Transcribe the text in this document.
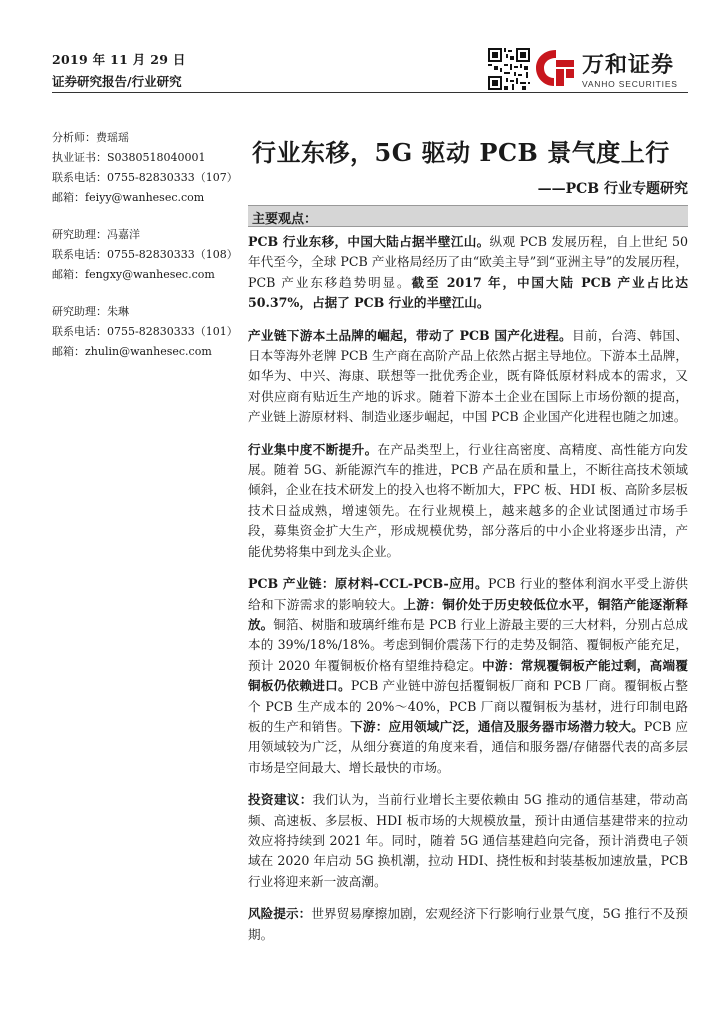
2019 年 11 月 29 日
证券研究报告/行业研究
万和证券
VANHO SECURITIES
分析师：费瑶瑶
执业证书：S0380518040001
联系电话：0755-82830333（107）
邮箱：feiyy@wanhesec.com
研究助理：冯嘉洋
联系电话：0755-82830333（108）
邮箱：fengxy@wanhesec.com
研究助理：朱琳
联系电话：0755-82830333（101）
邮箱：zhulin@wanhesec.com
行业东移，5G 驱动 PCB 景气度上行
——PCB 行业专题研究
主要观点：

PCB 行业东移，中国大陆占据半壁江山。纵观 PCB 发展历程，自上世纪 50 年代至今，全球 PCB 产业格局经历了由“欧美主导”到“亚洲主导”的发展历程，PCB 产业东移趋势明显。截至 2017 年，中国大陆 PCB 产业占比达 50.37%，占据了 PCB 行业的半壁江山。

产业链下游本土品牌的崛起，带动了 PCB 国产化进程。目前，台湾、韩国、日本等海外老牌 PCB 生产商在高阶产品上依然占据主导地位。下游本土品牌，如华为、中兴、海康、联想等一批优秀企业，既有降低原材料成本的需求，又对供应商有贴近生产地的诉求。随着下游本土企业在国际上市场份额的提高，产业链上游原材料、制造业逐步崛起，中国 PCB 企业国产化进程也随之加速。

行业集中度不断提升。在产品类型上，行业往高密度、高精度、高性能方向发展。随着 5G、新能源汽车的推进，PCB 产品在质和量上，不断往高技术领域倾斜，企业在技术研发上的投入也将不断加大，FPC 板、HDI 板、高阶多层板技术日益成熟，增速领先。在行业规模上，越来越多的企业试图通过市场手段，募集资金扩大生产，形成规模优势，部分落后的中小企业将逐步出清，产能优势将集中到龙头企业。

PCB 产业链：原材料-CCL-PCB-应用。PCB 行业的整体利润水平受上游供给和下游需求的影响较大。上游：铜价处于历史较低位水平，铜箔产能逐渐释放。铜箔、树脂和玻璃纤维布是 PCB 行业上游最主要的三大材料，分别占总成本的 39%/18%/18%。考虑到铜价震荡下行的走势及铜箔、覆铜板产能充足，预计 2020 年覆铜板价格有望维持稳定。中游：常规覆铜板产能过剩，高端覆铜板仍依赖进口。PCB 产业链中游包括覆铜板厂商和 PCB 厂商。覆铜板占整个 PCB 生产成本的 20%～40%，PCB 厂商以覆铜板为基材，进行印制电路板的生产和销售。下游：应用领域广泛，通信及服务器市场潜力较大。PCB 应用领域较为广泛，从细分赛道的角度来看，通信和服务器/存储器代表的高多层市场是空间最大、增长最快的市场。

投资建议：我们认为，当前行业增长主要依赖由 5G 推动的通信基建，带动高频、高速板、多层板、HDI 板市场的大规模放量，预计由通信基建带来的拉动效应将持续到 2021 年。同时，随着 5G 通信基建趋向完备，预计消费电子领域在 2020 年启动 5G 换机潮，拉动 HDI、挠性板和封装基板加速放量，PCB 行业将迎来新一波高潮。

风险提示：世界贸易摩擦加剧，宏观经济下行影响行业景气度，5G 推行不及预期。
